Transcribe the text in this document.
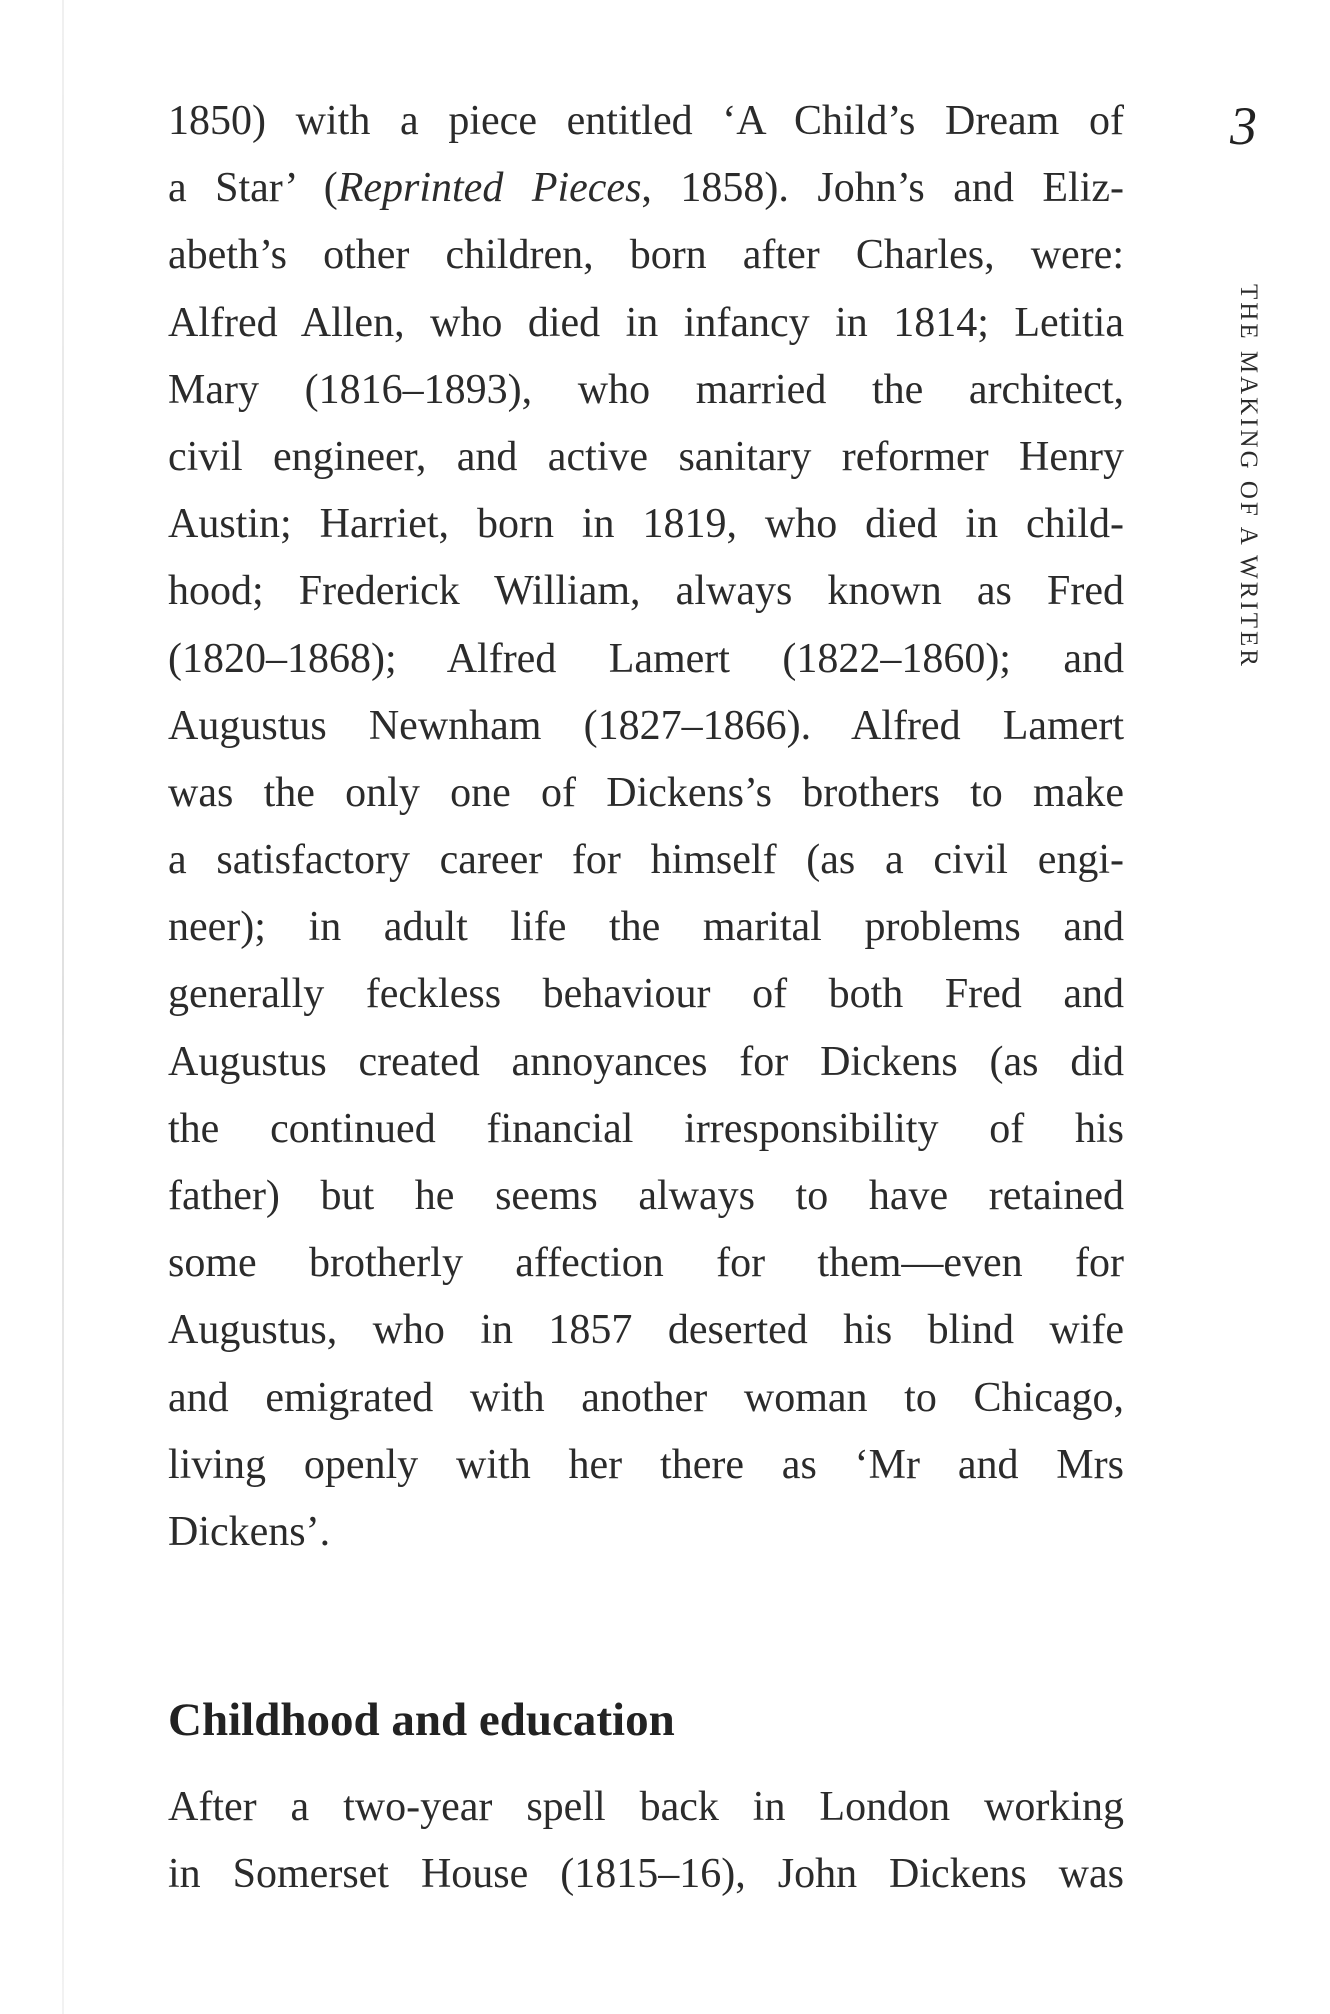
3
THE MAKING OF A WRITER
1850) with a piece entitled ‘A Child’s Dream of
a Star’ (Reprinted Pieces, 1858). John’s and Eliz-
abeth’s other children, born after Charles, were:
Alfred Allen, who died in infancy in 1814; Letitia
Mary (1816–1893), who married the architect,
civil engineer, and active sanitary reformer Henry
Austin; Harriet, born in 1819, who died in child-
hood; Frederick William, always known as Fred
(1820–1868); Alfred Lamert (1822–1860); and
Augustus Newnham (1827–1866). Alfred Lamert
was the only one of Dickens’s brothers to make
a satisfactory career for himself (as a civil engi-
neer); in adult life the marital problems and
generally feckless behaviour of both Fred and
Augustus created annoyances for Dickens (as did
the continued financial irresponsibility of his
father) but he seems always to have retained
some brotherly affection for them—even for
Augustus, who in 1857 deserted his blind wife
and emigrated with another woman to Chicago,
living openly with her there as ‘Mr and Mrs
Dickens’.
Childhood and education
After a two-year spell back in London working
in Somerset House (1815–16), John Dickens was
